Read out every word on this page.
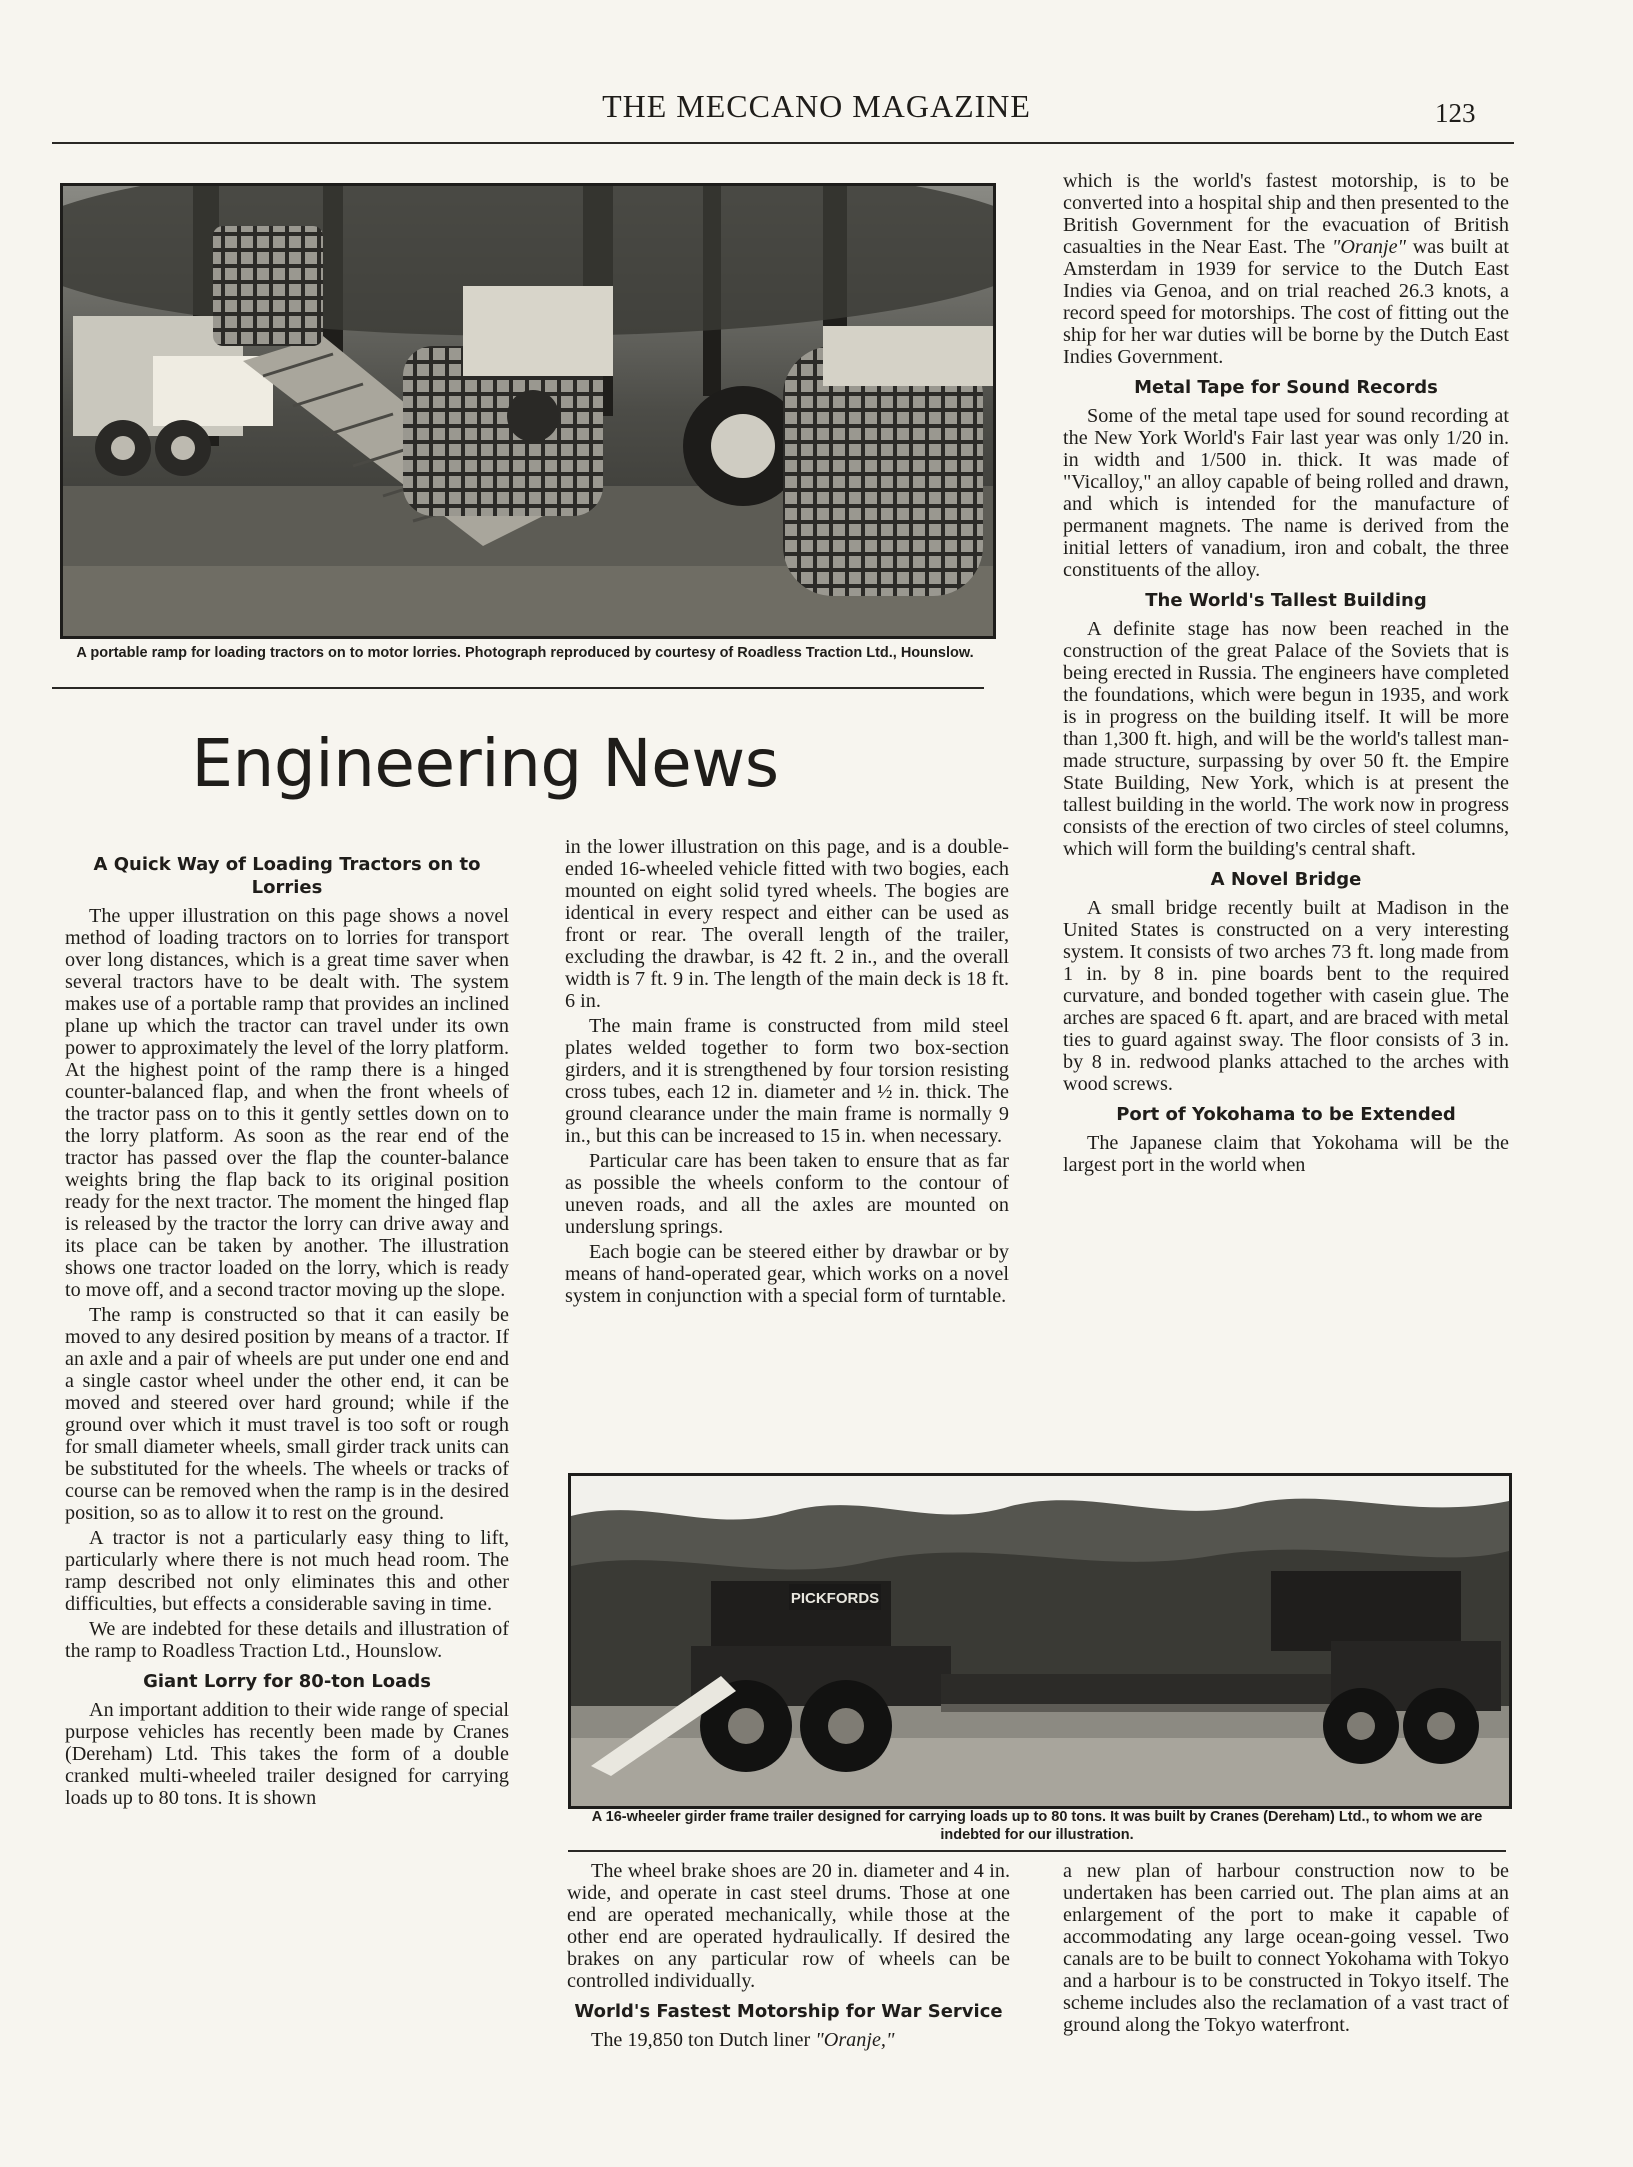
THE MECCANO MAGAZINE	123
A portable ramp for loading tractors on to motor lorries. Photograph reproduced by courtesy of Roadless Traction Ltd., Hounslow.
Engineering News
A Quick Way of Loading Tractors on to Lorries

The upper illustration on this page shows a novel method of loading tractors on to lorries for transport over long distances, which is a great time saver when several tractors have to be dealt with. The system makes use of a portable ramp that provides an inclined plane up which the tractor can travel under its own power to approximately the level of the lorry platform. At the highest point of the ramp there is a hinged counter-balanced flap, and when the front wheels of the tractor pass on to this it gently settles down on to the lorry platform. As soon as the rear end of the tractor has passed over the flap the counter-balance weights bring the flap back to its original position ready for the next tractor. The moment the hinged flap is released by the tractor the lorry can drive away and its place can be taken by another. The illustration shows one tractor loaded on the lorry, which is ready to move off, and a second tractor moving up the slope.

The ramp is constructed so that it can easily be moved to any desired position by means of a tractor. If an axle and a pair of wheels are put under one end and a single castor wheel under the other end, it can be moved and steered over hard ground; while if the ground over which it must travel is too soft or rough for small diameter wheels, small girder track units can be substituted for the wheels. The wheels or tracks of course can be removed when the ramp is in the desired position, so as to allow it to rest on the ground.

A tractor is not a particularly easy thing to lift, particularly where there is not much head room. The ramp described not only eliminates this and other difficulties, but effects a considerable saving in time.

We are indebted for these details and illustration of the ramp to Roadless Traction Ltd., Hounslow.

Giant Lorry for 80-ton Loads

An important addition to their wide range of special purpose vehicles has recently been made by Cranes (Dereham) Ltd. This takes the form of a double cranked multi-wheeled trailer designed for carrying loads up to 80 tons. It is shown

in the lower illustration on this page, and is a double-ended 16-wheeled vehicle fitted with two bogies, each mounted on eight solid tyred wheels. The bogies are identical in every respect and either can be used as front or rear. The overall length of the trailer, excluding the drawbar, is 42 ft. 2 in., and the overall width is 7 ft. 9 in. The length of the main deck is 18 ft. 6 in.

The main frame is constructed from mild steel plates welded together to form two box-section girders, and it is strengthened by four torsion resisting cross tubes, each 12 in. diameter and ½ in. thick. The ground clearance under the main frame is normally 9 in., but this can be increased to 15 in. when necessary.

Particular care has been taken to ensure that as far as possible the wheels conform to the contour of uneven roads, and all the axles are mounted on underslung springs.

Each bogie can be steered either by drawbar or by means of hand-operated gear, which works on a novel system in conjunction with a special form of turntable.

which is the world's fastest motorship, is to be converted into a hospital ship and then presented to the British Government for the evacuation of British casualties in the Near East. The "Oranje" was built at Amsterdam in 1939 for service to the Dutch East Indies via Genoa, and on trial reached 26.3 knots, a record speed for motorships. The cost of fitting out the ship for her war duties will be borne by the Dutch East Indies Government.

Metal Tape for Sound Records

Some of the metal tape used for sound recording at the New York World's Fair last year was only 1/20 in. in width and 1/500 in. thick. It was made of "Vicalloy," an alloy capable of being rolled and drawn, and which is intended for the manufacture of permanent magnets. The name is derived from the initial letters of vanadium, iron and cobalt, the three constituents of the alloy.

The World's Tallest Building

A definite stage has now been reached in the construction of the great Palace of the Soviets that is being erected in Russia. The engineers have completed the foundations, which were begun in 1935, and work is in progress on the building itself. It will be more than 1,300 ft. high, and will be the world's tallest man-made structure, surpassing by over 50 ft. the Empire State Building, New York, which is at present the tallest building in the world. The work now in progress consists of the erection of two circles of steel columns, which will form the building's central shaft.

A Novel Bridge

A small bridge recently built at Madison in the United States is constructed on a very interesting system. It consists of two arches 73 ft. long made from 1 in. by 8 in. pine boards bent to the required curvature, and bonded together with casein glue. The arches are spaced 6 ft. apart, and are braced with metal ties to guard against sway. The floor consists of 3 in. by 8 in. redwood planks attached to the arches with wood screws.

Port of Yokohama to be Extended

The Japanese claim that Yokohama will be the largest port in the world when

PICKFORDS
A 16-wheeler girder frame trailer designed for carrying loads up to 80 tons. It was built by Cranes (Dereham) Ltd., to whom we are indebted for our illustration.

The wheel brake shoes are 20 in. diameter and 4 in. wide, and operate in cast steel drums. Those at one end are operated mechanically, while those at the other end are operated hydraulically. If desired the brakes on any particular row of wheels can be controlled individually.

World's Fastest Motorship for War Service

The 19,850 ton Dutch liner "Oranje,"

a new plan of harbour construction now to be undertaken has been carried out. The plan aims at an enlargement of the port to make it capable of accommodating any large ocean-going vessel. Two canals are to be built to connect Yokohama with Tokyo and a harbour is to be constructed in Tokyo itself. The scheme includes also the reclamation of a vast tract of ground along the Tokyo waterfront.
